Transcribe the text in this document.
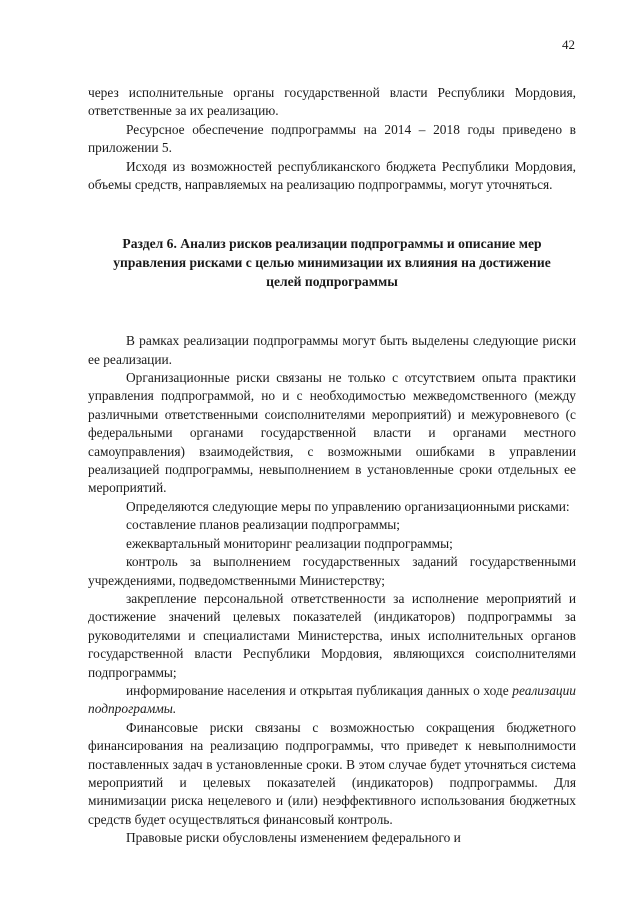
42

через исполнительные органы государственной власти Республики Мордовия, ответственные за их реализацию.

Ресурсное обеспечение подпрограммы на 2014 – 2018 годы приведено в приложении 5.

Исходя из возможностей республиканского бюджета Республики Мордовия, объемы средств, направляемых на реализацию подпрограммы, могут уточняться.

Раздел 6. Анализ рисков реализации подпрограммы и описание мер управления рисками с целью минимизации их влияния на достижение целей подпрограммы

В рамках реализации подпрограммы могут быть выделены следующие риски ее реализации.

Организационные риски связаны не только с отсутствием опыта практики управления подпрограммой, но и с необходимостью межведомственного (между различными ответственными соисполнителями мероприятий) и межуровневого (с федеральными органами государственной власти и органами местного самоуправления) взаимодействия, с возможными ошибками в управлении реализацией подпрограммы, невыполнением в установленные сроки отдельных ее мероприятий.

Определяются следующие меры по управлению организационными рисками:

составление планов реализации подпрограммы;

ежеквартальный мониторинг реализации подпрограммы;

контроль за выполнением государственных заданий государственными учреждениями, подведомственными Министерству;

закрепление персональной ответственности за исполнение мероприятий и достижение значений целевых показателей (индикаторов) подпрограммы за руководителями и специалистами Министерства, иных исполнительных органов государственной власти Республики Мордовия, являющихся соисполнителями подпрограммы;

информирование населения и открытая публикация данных о ходе реализации подпрограммы.

Финансовые риски связаны с возможностью сокращения бюджетного финансирования на реализацию подпрограммы, что приведет к невыполнимости поставленных задач в установленные сроки. В этом случае будет уточняться система мероприятий и целевых показателей (индикаторов) подпрограммы. Для минимизации риска нецелевого и (или) неэффективного использования бюджетных средств будет осуществляться финансовый контроль.

Правовые риски обусловлены изменением федерального и
